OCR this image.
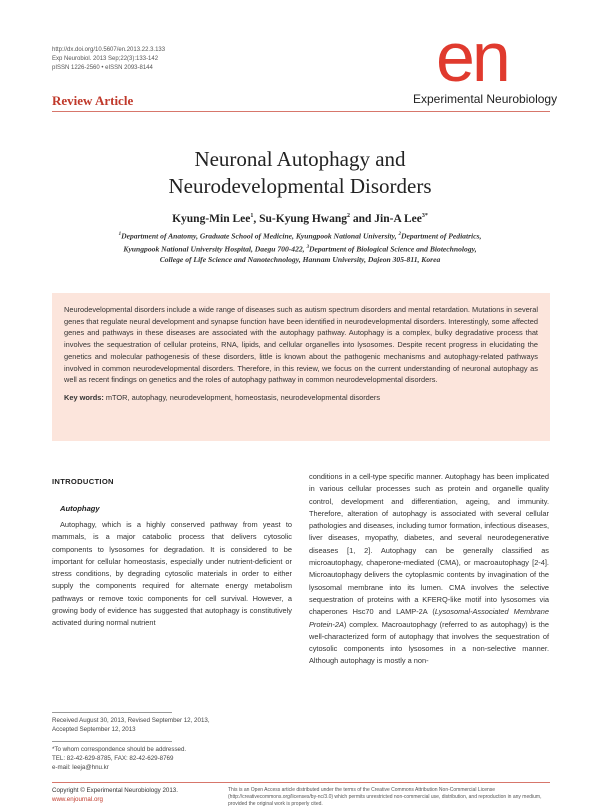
http://dx.doi.org/10.5607/en.2013.22.3.133
Exp Neurobiol. 2013 Sep;22(3):133-142
pISSN 1226-2560 • eISSN 2093-8144	en
Experimental Neurobiology
Review Article
Neuronal Autophagy and
Neurodevelopmental Disorders
Kyung-Min Lee$^1$, Su-Kyung Hwang$^2$ and Jin-A Lee$^{3*}$
$^1$Department of Anatomy, Graduate School of Medicine, Kyungpook National University, $^2$Department of Pediatrics,
Kyungpook National University Hospital, Daegu 700-422, $^3$Department of Biological Science and Biotechnology,
College of Life Science and Nanotechnology, Hannam University, Dajeon 305-811, Korea
Neurodevelopmental disorders include a wide range of diseases such as autism spectrum disorders and mental retardation. Mutations in several genes that regulate neural development and synapse function have been identified in neurodevelopmental disorders. Interestingly, some affected genes and pathways in these diseases are associated with the autophagy pathway. Autophagy is a complex, bulky degradative process that involves the sequestration of cellular proteins, RNA, lipids, and cellular organelles into lysosomes. Despite recent progress in elucidating the genetics and molecular pathogenesis of these disorders, little is known about the pathogenic mechanisms and autophagy-related pathways involved in common neurodevelopmental disorders. Therefore, in this review, we focus on the current understanding of neuronal autophagy as well as recent findings on genetics and the roles of autophagy pathway in common neurodevelopmental disorders.
Key words: mTOR, autophagy, neurodevelopment, homeostasis, neurodevelopmental disorders
INTRODUCTION
Autophagy
Autophagy, which is a highly conserved pathway from yeast to mammals, is a major catabolic process that delivers cytosolic components to lysosomes for degradation. It is considered to be important for cellular homeostasis, especially under nutrient-deficient or stress conditions, by degrading cytosolic materials in order to either supply the components required for alternate energy metabolism pathways or remove toxic components for cell survival. However, a growing body of evidence has suggested that autophagy is constitutively activated during normal nutrient
conditions in a cell-type specific manner. Autophagy has been implicated in various cellular processes such as protein and organelle quality control, development and differentiation, ageing, and immunity. Therefore, alteration of autophagy is associated with several cellular pathologies and diseases, including tumor formation, infectious diseases, liver diseases, myopathy, diabetes, and several neurodegenerative diseases [1, 2]. Autophagy can be generally classified as microautophagy, chaperone-mediated (CMA), or macroautophagy [2-4]. Microautophagy delivers the cytoplasmic contents by invagination of the lysosomal membrane into its lumen. CMA involves the selective sequestration of proteins with a KFERQ-like motif into lysosomes via chaperones Hsc70 and LAMP-2A (Lysosomal-Associated Membrane Protein-2A) complex. Macroautophagy (referred to as autophagy) is the well-characterized form of autophagy that involves the sequestration of cytosolic components into lysosomes in a non-selective manner. Although autophagy is mostly a non-
Received August 30, 2013, Revised September 12, 2013,
Accepted September 12, 2013
*To whom correspondence should be addressed.
TEL: 82-42-629-8785, FAX: 82-42-629-8769
e-mail: leeja@hnu.kr
Copyright © Experimental Neurobiology 2013.
www.enjournal.org
This is an Open Access article distributed under the terms of the Creative Commons Attribution Non-Commercial License (http://creativecommons.org/licenses/by-nc/3.0) which permits unrestricted non-commercial use, distribution, and reproduction in any medium, provided the original work is properly cited.
